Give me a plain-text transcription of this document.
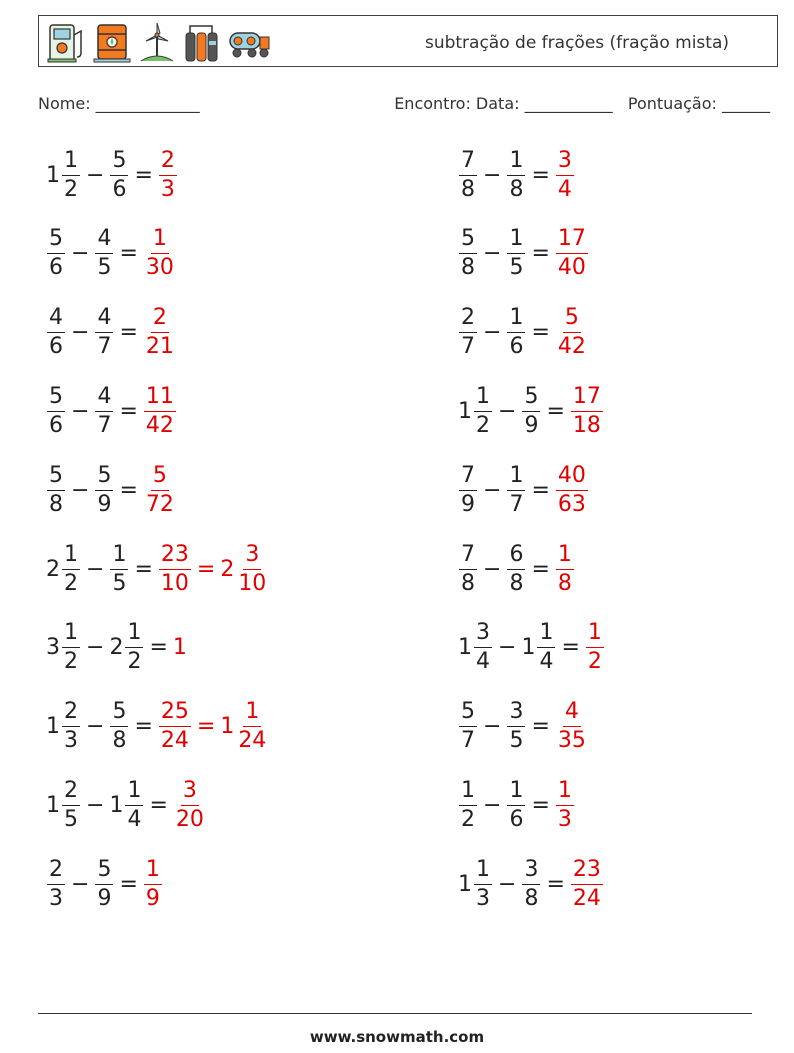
subtração de frações (fração mista)
Nome: _____________	Encontro: Data: ___________ Pontuação: ______
$1 \frac{1}{2} - \frac{5}{6} = \frac{2}{3}$	$\frac{7}{8} - \frac{1}{8} = \frac{3}{4}$
$\frac{5}{6} - \frac{4}{5} = \frac{1}{30}$	$\frac{5}{8} - \frac{1}{5} = \frac{17}{40}$
$\frac{4}{6} - \frac{4}{7} = \frac{2}{21}$	$\frac{2}{7} - \frac{1}{6} = \frac{5}{42}$
$\frac{5}{6} - \frac{4}{7} = \frac{11}{42}$	$1 \frac{1}{2} - \frac{5}{9} = \frac{17}{18}$
$\frac{5}{8} - \frac{5}{9} = \frac{5}{72}$	$\frac{7}{9} - \frac{1}{7} = \frac{40}{63}$
$2 \frac{1}{2} - \frac{1}{5} = \frac{23}{10} = 2 \frac{3}{10}$	$\frac{7}{8} - \frac{6}{8} = \frac{1}{8}$
$3 \frac{1}{2} - 2 \frac{1}{2} = 1$	$1 \frac{3}{4} - 1 \frac{1}{4} = \frac{1}{2}$
$1 \frac{2}{3} - \frac{5}{8} = \frac{25}{24} = 1 \frac{1}{24}$	$\frac{5}{7} - \frac{3}{5} = \frac{4}{35}$
$1 \frac{2}{5} - 1 \frac{1}{4} = \frac{3}{20}$	$\frac{1}{2} - \frac{1}{6} = \frac{1}{3}$
$\frac{2}{3} - \frac{5}{9} = \frac{1}{9}$	$1 \frac{1}{3} - \frac{3}{8} = \frac{23}{24}$
www.snowmath.com
